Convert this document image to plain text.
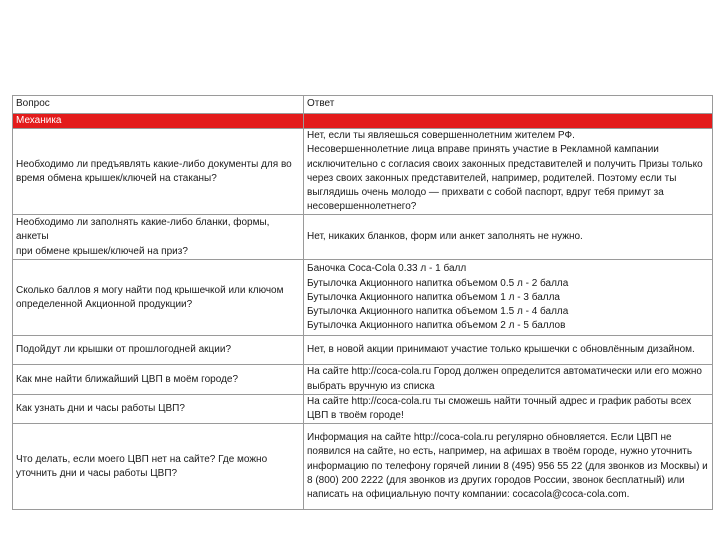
Вопрос	Ответ
Механика	
Необходимо ли предъявлять какие-либо документы для во время обмена крышек/ключей на стаканы?	Нет, если ты являешься совершеннолетним жителем РФ.
Несовершеннолетние лица вправе принять участие в Рекламной кампании исключительно с согласия своих законных представителей и получить Призы только через своих законных представителей, например, родителей. Поэтому если ты выглядишь очень молодо — прихвати с собой паспорт, вдруг тебя примут за несовершеннолетнего?
Необходимо ли заполнять какие-либо бланки, формы, анкеты
при обмене крышек/ключей на приз?	Нет, никаких бланков, форм или анкет заполнять не нужно.
Сколько баллов я могу найти под крышечкой или ключом определенной Акционной продукции?	Баночка Coca-Cola 0.33 л - 1 балл
Бутылочка Акционного напитка объемом 0.5 л - 2 балла
Бутылочка Акционного напитка объемом 1 л - 3 балла
Бутылочка Акционного напитка объемом 1.5 л - 4 балла
Бутылочка Акционного напитка объемом 2 л - 5 баллов
Подойдут ли крышки от прошлогодней акции?	Нет, в новой акции принимают участие только крышечки с обновлённым дизайном.
Как мне найти ближайший ЦВП в моём городе?	На сайте http://coca-cola.ru Город должен определится автоматически или его можно выбрать вручную из списка
Как узнать дни и часы работы ЦВП?	На сайте http://coca-cola.ru ты сможешь найти точный адрес и график работы всех ЦВП в твоём городе!
Что делать, если моего ЦВП нет на сайте? Где можно уточнить дни и часы работы ЦВП?	Информация на сайте http://coca-cola.ru регулярно обновляется. Если ЦВП не появился на сайте, но есть, например, на афишах в твоём городе, нужно уточнить информацию по телефону горячей линии 8 (495) 956 55 22 (для звонков из Москвы) и 8 (800) 200 2222 (для звонков из других городов России, звонок бесплатный) или написать на официальную почту компании: cocacola@coca-cola.com.
